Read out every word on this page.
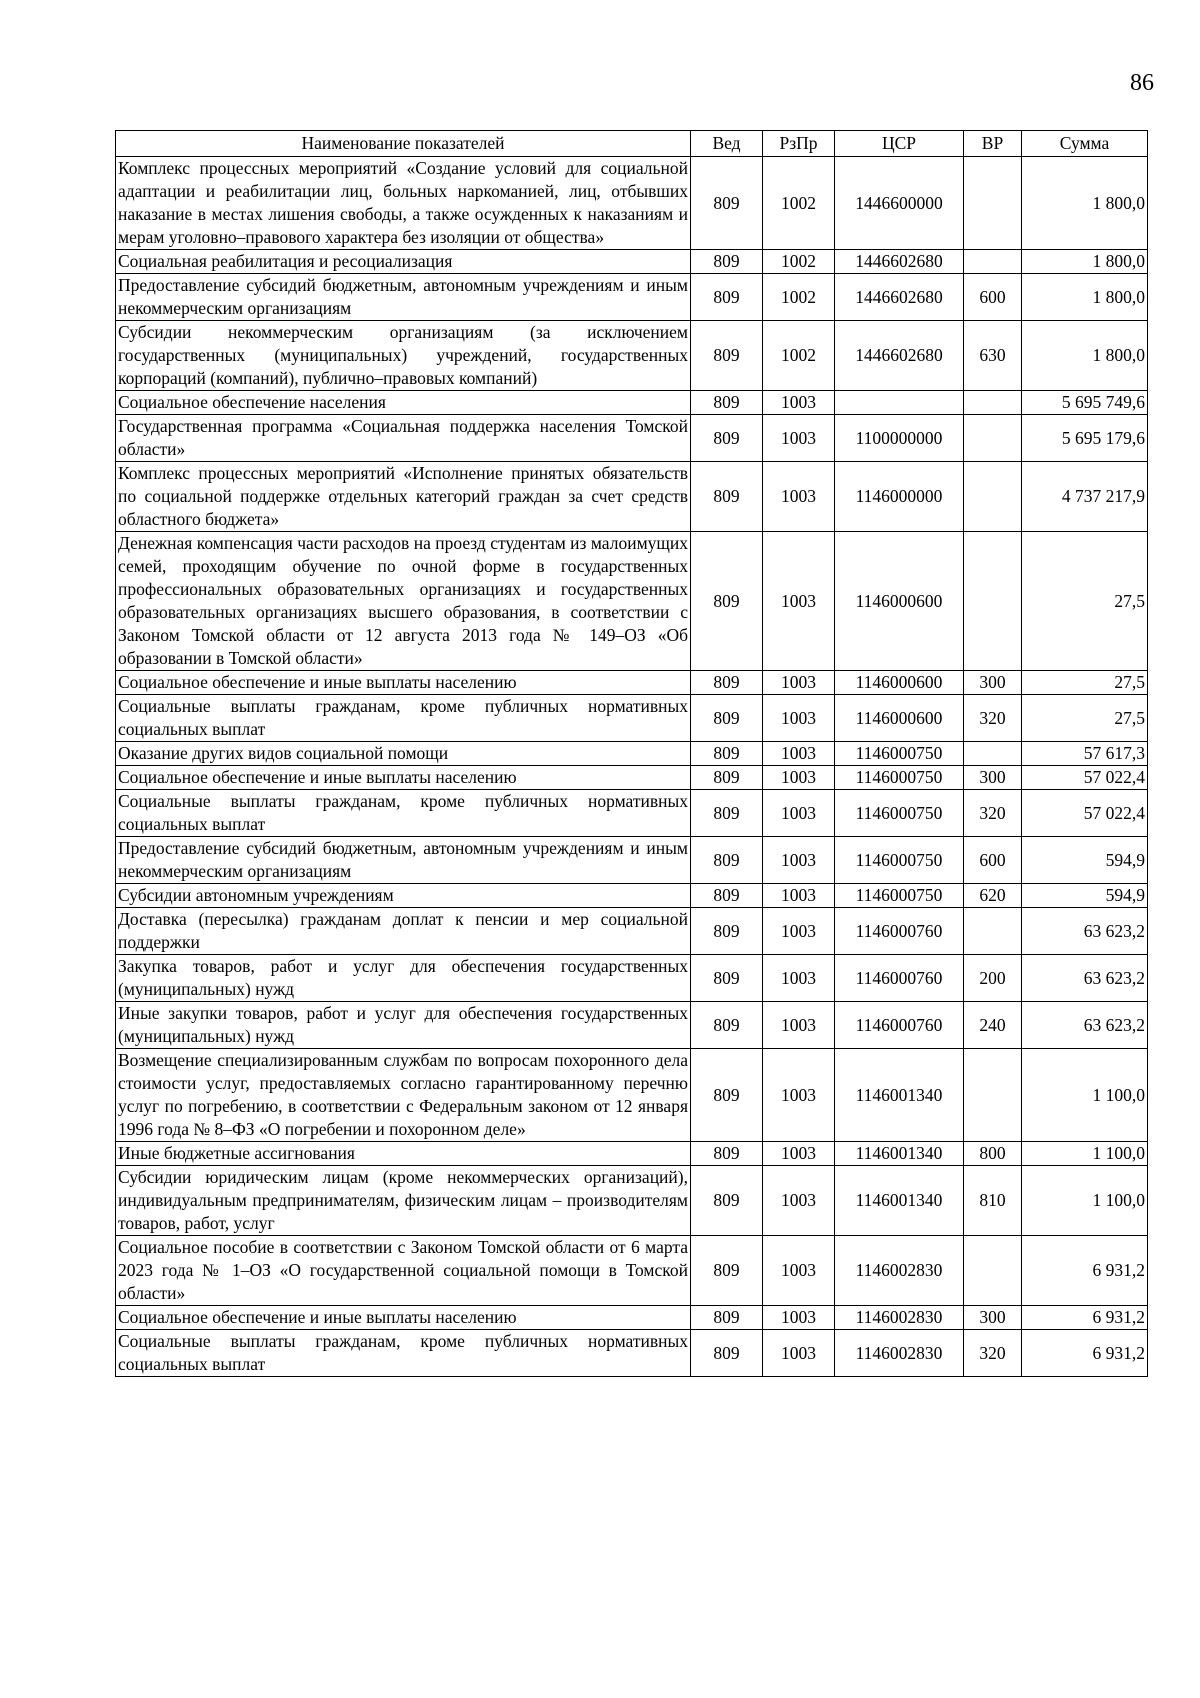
86
Наименование показателей	Вед	РзПр	ЦСР	ВР	Сумма
Комплекс процессных мероприятий «Создание условий для социальной адаптации и реабилитации лиц, больных наркоманией, лиц, отбывших наказание в местах лишения свободы, а также осужденных к наказаниям и мерам уголовно–правового характера без изоляции от общества»	809	1002	1446600000		1 800,0
Социальная реабилитация и ресоциализация	809	1002	1446602680		1 800,0
Предоставление субсидий бюджетным, автономным учреждениям и иным некоммерческим организациям	809	1002	1446602680	600	1 800,0
Субсидии некоммерческим организациям (за исключением государственных (муниципальных) учреждений, государственных корпораций (компаний), публично–правовых компаний)	809	1002	1446602680	630	1 800,0
Социальное обеспечение населения	809	1003			5 695 749,6
Государственная программа «Социальная поддержка населения Томской области»	809	1003	1100000000		5 695 179,6
Комплекс процессных мероприятий «Исполнение принятых обязательств по социальной поддержке отдельных категорий граждан за счет средств областного бюджета»	809	1003	1146000000		4 737 217,9
Денежная компенсация части расходов на проезд студентам из малоимущих семей, проходящим обучение по очной форме в государственных профессиональных образовательных организациях и государственных образовательных организациях высшего образования, в соответствии с Законом Томской области от 12 августа 2013 года № 149–ОЗ «Об образовании в Томской области»	809	1003	1146000600		27,5
Социальное обеспечение и иные выплаты населению	809	1003	1146000600	300	27,5
Социальные выплаты гражданам, кроме публичных нормативных социальных выплат	809	1003	1146000600	320	27,5
Оказание других видов социальной помощи	809	1003	1146000750		57 617,3
Социальное обеспечение и иные выплаты населению	809	1003	1146000750	300	57 022,4
Социальные выплаты гражданам, кроме публичных нормативных социальных выплат	809	1003	1146000750	320	57 022,4
Предоставление субсидий бюджетным, автономным учреждениям и иным некоммерческим организациям	809	1003	1146000750	600	594,9
Субсидии автономным учреждениям	809	1003	1146000750	620	594,9
Доставка (пересылка) гражданам доплат к пенсии и мер социальной поддержки	809	1003	1146000760		63 623,2
Закупка товаров, работ и услуг для обеспечения государственных (муниципальных) нужд	809	1003	1146000760	200	63 623,2
Иные закупки товаров, работ и услуг для обеспечения государственных (муниципальных) нужд	809	1003	1146000760	240	63 623,2
Возмещение специализированным службам по вопросам похоронного дела стоимости услуг, предоставляемых согласно гарантированному перечню услуг по погребению, в соответствии с Федеральным законом от 12 января 1996 года № 8–ФЗ «О погребении и похоронном деле»	809	1003	1146001340		1 100,0
Иные бюджетные ассигнования	809	1003	1146001340	800	1 100,0
Субсидии юридическим лицам (кроме некоммерческих организаций), индивидуальным предпринимателям, физическим лицам – производителям товаров, работ, услуг	809	1003	1146001340	810	1 100,0
Социальное пособие в соответствии с Законом Томской области от 6 марта 2023 года № 1–ОЗ «О государственной социальной помощи в Томской области»	809	1003	1146002830		6 931,2
Социальное обеспечение и иные выплаты населению	809	1003	1146002830	300	6 931,2
Социальные выплаты гражданам, кроме публичных нормативных социальных выплат	809	1003	1146002830	320	6 931,2
